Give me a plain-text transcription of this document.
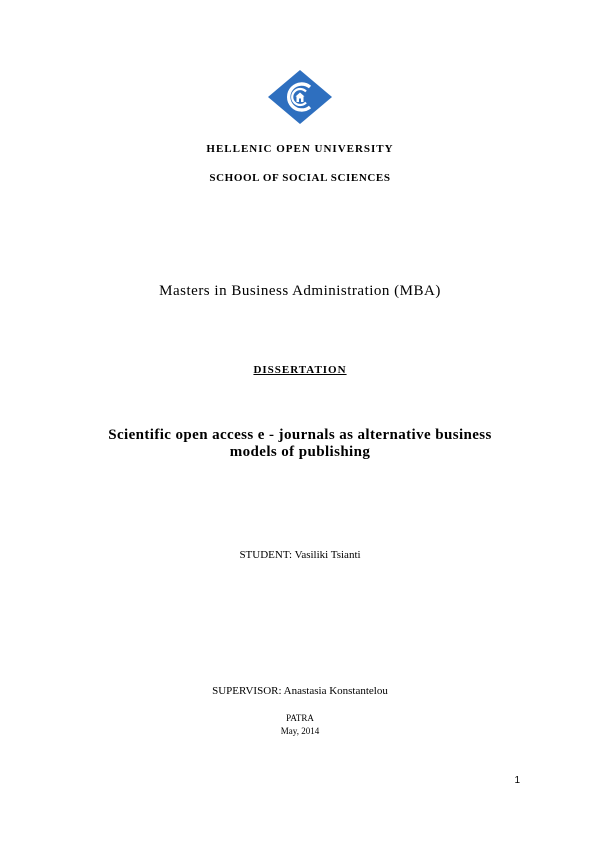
HELLENIC OPEN UNIVERSITY
SCHOOL OF SOCIAL SCIENCES
Masters in Business Administration (MBA)
DISSERTATION
Scientific open access e - journals as alternative business
models of publishing
STUDENT: Vasiliki Tsianti
SUPERVISOR: Anastasia Konstantelou
PATRA
May, 2014
1
